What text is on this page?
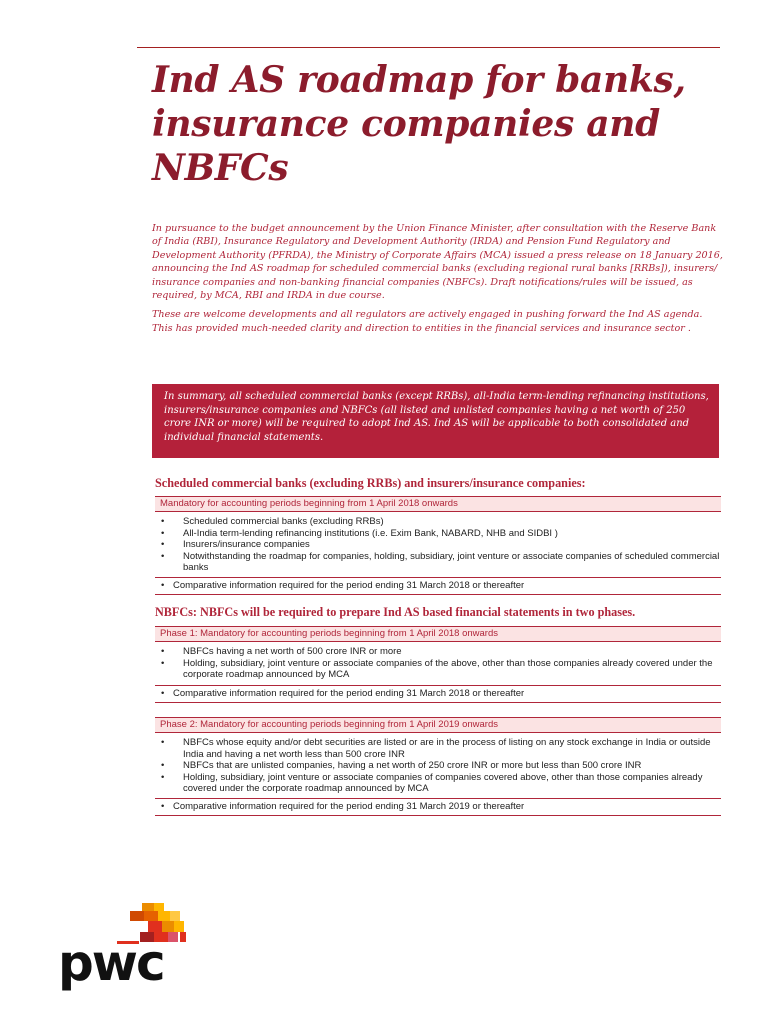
Ind AS roadmap for banks, insurance companies and NBFCs

In pursuance to the budget announcement by the Union Finance Minister, after consultation with the Reserve Bank of India (RBI), Insurance Regulatory and Development Authority (IRDA) and Pension Fund Regulatory and Development Authority (PFRDA), the Ministry of Corporate Affairs (MCA) issued a press release on 18 January 2016, announcing the Ind AS roadmap for scheduled commercial banks (excluding regional rural banks [RRBs]), insurers/ insurance companies and non-banking financial companies (NBFCs). Draft notifications/rules will be issued, as required, by MCA, RBI and IRDA in due course.

These are welcome developments and all regulators are actively engaged in pushing forward the Ind AS agenda. This has provided much-needed clarity and direction to entities in the financial services and insurance sector .

In summary, all scheduled commercial banks (except RRBs), all-India term-lending refinancing institutions, insurers/insurance companies and NBFCs (all listed and unlisted companies having a net worth of 250 crore INR or more) will be required to adopt Ind AS. Ind AS will be applicable to both consolidated and individual financial statements.
Scheduled commercial banks (excluding RRBs) and insurers/insurance companies:
Mandatory for accounting periods beginning from 1 April 2018 onwards
• Scheduled commercial banks (excluding RRBs)
• All-India term-lending refinancing institutions (i.e. Exim Bank, NABARD, NHB and SIDBI )
• Insurers/insurance companies
• Notwithstanding the roadmap for companies, holding, subsidiary, joint venture or associate companies of scheduled commercial banks
• Comparative information required for the period ending 31 March 2018 or thereafter
NBFCs: NBFCs will be required to prepare Ind AS based financial statements in two phases.
Phase 1: Mandatory for accounting periods beginning from 1 April 2018 onwards
• NBFCs having a net worth of 500 crore INR or more
• Holding, subsidiary, joint venture or associate companies of the above, other than those companies already covered under the corporate roadmap announced by MCA
• Comparative information required for the period ending 31 March 2018 or thereafter
Phase 2: Mandatory for accounting periods beginning from 1 April 2019 onwards
• NBFCs whose equity and/or debt securities are listed or are in the process of listing on any stock exchange in India or outside India and having a net worth less than 500 crore INR
• NBFCs that are unlisted companies, having a net worth of 250 crore INR or more but less than 500 crore INR
• Holding, subsidiary, joint venture or associate companies of companies covered above, other than those companies already covered under the corporate roadmap announced by MCA
• Comparative information required for the period ending 31 March 2019 or thereafter
pwc
